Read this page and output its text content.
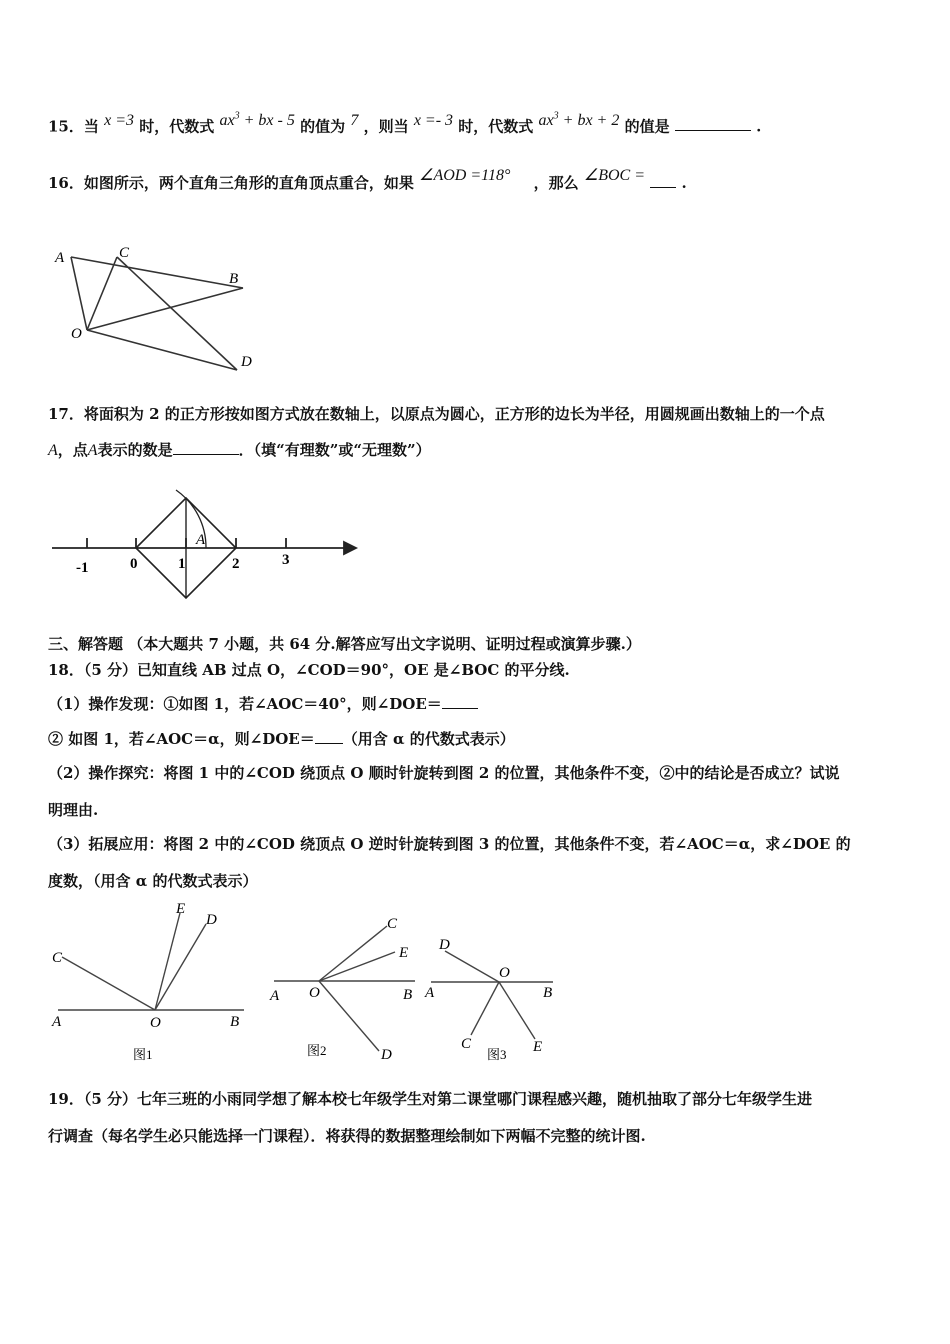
15．当 x =3 时，代数式 $ax^3$ + bx - 5 的值为 7 ，则当 x =- 3 时，代数式 $ax^3$ + bx + 2 的值是	.
16．如图所示，两个直角三角形的直角顶点重合，如果 ∠AOD =118° ，那么 ∠BOC = .
A	C
B
O
D
17．将面积为 2 的正方形按如图方式放在数轴上，以原点为圆心，正方形的边长为半径，用圆规画出数轴上的一个点
A，点A表示的数是	．（填“有理数”或“无理数”）
-1	0	1	2	3
A
三、解答题 （本大题共 7 小题，共 64 分.解答应写出文字说明、证明过程或演算步骤.）
18．（5 分）已知直线 AB 过点 O，∠COD＝90°，OE 是∠BOC 的平分线.
（1）操作发现：①如图 1，若∠AOC＝40°，则∠DOE＝
② 如图 1，若∠AOC＝α，则∠DOE＝ （用含 α 的代数式表示）
（2）操作探究：将图 1 中的∠COD 绕顶点 O 顺时针旋转到图 2 的位置，其他条件不变，②中的结论是否成立？试说
明理由.
（3）拓展应用：将图 2 中的∠COD 绕顶点 O 逆时针旋转到图 3 的位置，其他条件不变，若∠AOC＝α，求∠DOE 的
度数，（用含 α 的代数式表示）
C
E
D
A	O	B
图1
C
E
A O	B
D
图2
D
O
A	B
C	E
图3
19．（5 分）七年三班的小雨同学想了解本校七年级学生对第二课堂哪门课程感兴趣，随机抽取了部分七年级学生进
行调查（每名学生必只能选择一门课程）．将获得的数据整理绘制如下两幅不完整的统计图.
